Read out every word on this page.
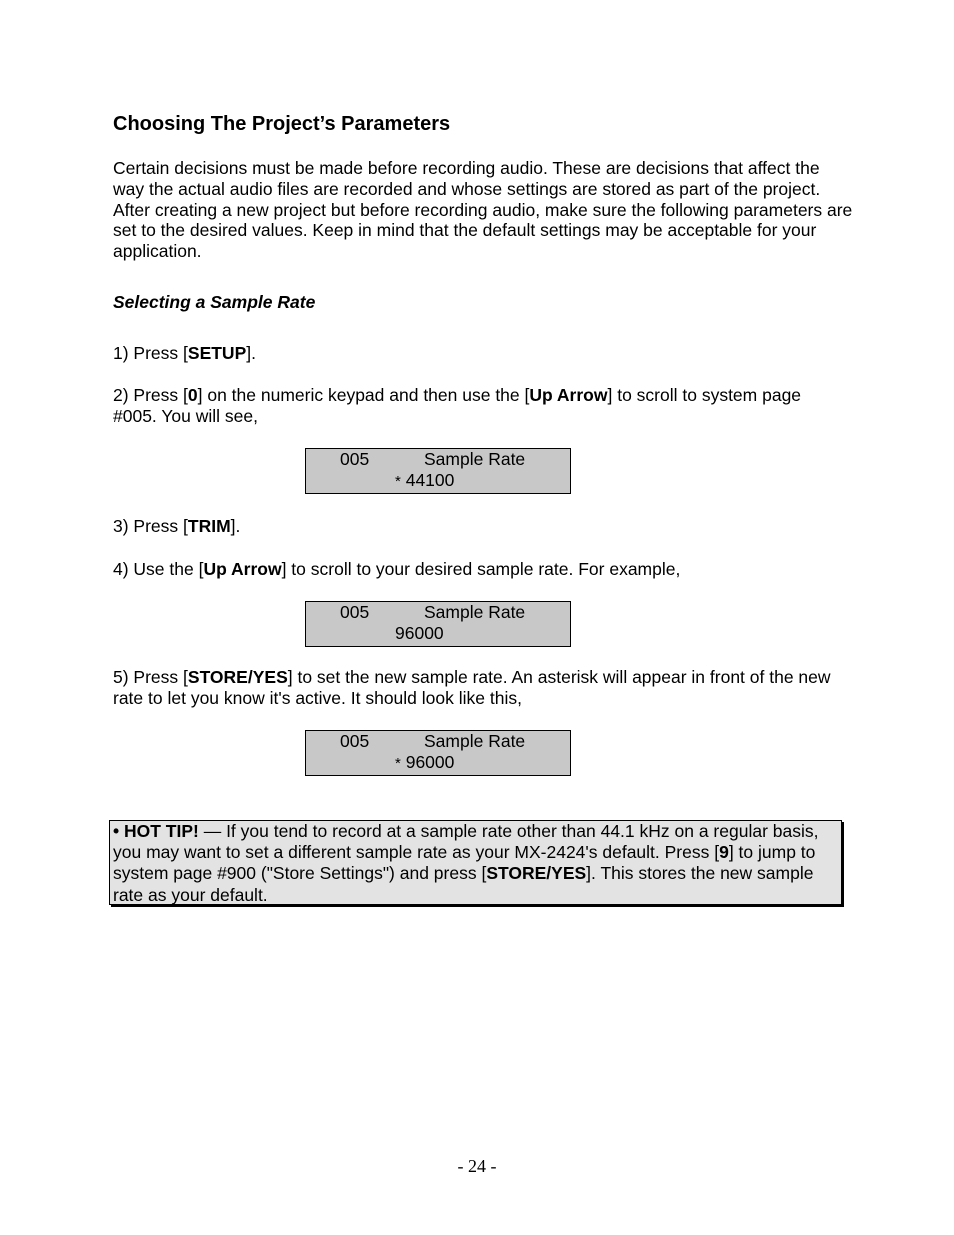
Choosing The Project’s Parameters
Certain decisions must be made before recording audio. These are decisions that affect the way the actual audio files are recorded and whose settings are stored as part of the project. After creating a new project but before recording audio, make sure the following parameters are set to the desired values. Keep in mind that the default settings may be acceptable for your application.
Selecting a Sample Rate
1) Press [SETUP].
2) Press [0] on the numeric keypad and then use the [Up Arrow] to scroll to system page #005. You will see,
005	Sample Rate
* 44100
3) Press [TRIM].
4) Use the [Up Arrow] to scroll to your desired sample rate. For example,
005	Sample Rate
96000
5) Press [STORE/YES] to set the new sample rate. An asterisk will appear in front of the new rate to let you know it's active. It should look like this,
005	Sample Rate
* 96000
• HOT TIP! — If you tend to record at a sample rate other than 44.1 kHz on a regular basis, you may want to set a different sample rate as your MX-2424's default. Press [9] to jump to system page #900 ("Store Settings") and press [STORE/YES]. This stores the new sample rate as your default.
- 24 -
